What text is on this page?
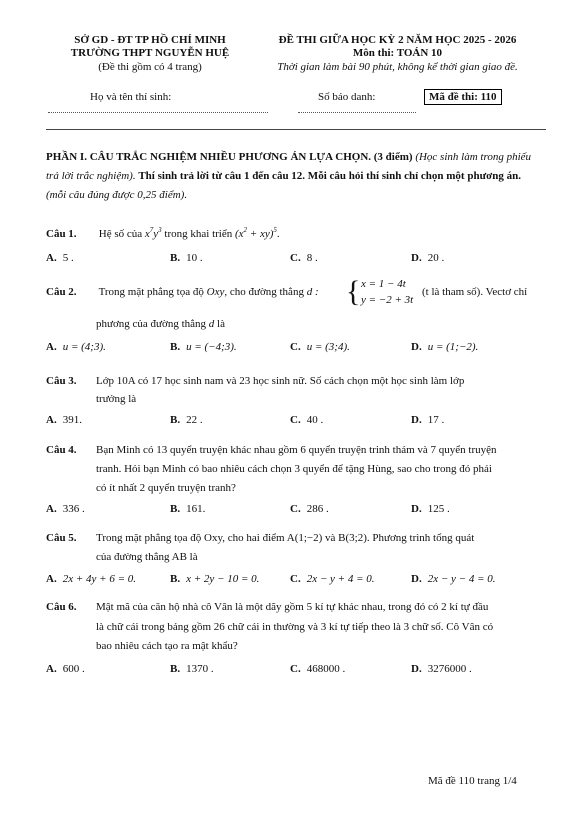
SỞ GD - ĐT TP HỒ CHÍ MINH
TRƯỜNG THPT NGUYỄN HUỆ
(Đề thi gồm có 4 trang)
ĐỀ THI GIỮA HỌC KỲ 2 NĂM HỌC 2025 - 2026
Môn thi: TOÁN 10
Thời gian làm bài 90 phút, không kể thời gian giao đề.
Họ và tên thí sinh:	Số báo danh:	Mã đề thi: 110
PHẦN I. CÂU TRẮC NGHIỆM NHIỀU PHƯƠNG ÁN LỰA CHỌN. (3 điểm) (Học sinh làm trong phiếu trả lời trắc nghiệm). Thí sinh trả lời từ câu 1 đến câu 12. Mỗi câu hỏi thí sinh chỉ chọn một phương án. (mỗi câu đúng được 0,25 điểm).
Câu 1. Hệ số của $x^7y^3$ trong khai triển $(x^2 + xy)^5$.
A. 5 .	B. 10 .	C. 8 .	D. 20 .
Câu 2. Trong mặt phẳng tọa độ Oxy, cho đường thẳng d : { x = 1 − 4t
y = −2 + 3t
(t là tham số). Vectơ chỉ
phương của đường thẳng d là
A. u = (4;3).	B. u = (−4;3).	C. u = (3;4).	D. u = (1;−2).
Câu 3. Lớp 10A có 17 học sinh nam và 23 học sinh nữ. Số cách chọn một học sinh làm lớp
trưởng là
A. 391.	B. 22 .	C. 40 .	D. 17 .
Câu 4. Bạn Minh có 13 quyển truyện khác nhau gồm 6 quyển truyện trinh thám và 7 quyển truyện
tranh. Hỏi bạn Minh có bao nhiêu cách chọn 3 quyển để tặng Hùng, sao cho trong đó phải
có ít nhất 2 quyển truyện tranh?
A. 336 .	B. 161.	C. 286 .	D. 125 .
Câu 5. Trong mặt phẳng tọa độ Oxy, cho hai điểm A(1;−2) và B(3;2). Phương trình tổng quát
của đường thẳng AB là
A. 2x + 4y + 6 = 0.	B. x + 2y − 10 = 0.	C. 2x − y + 4 = 0.	D. 2x − y − 4 = 0.
Câu 6. Mật mã của căn hộ nhà cô Vân là một dãy gồm 5 kí tự khác nhau, trong đó có 2 kí tự đầu
là chữ cái trong bảng gồm 26 chữ cái in thường và 3 kí tự tiếp theo là 3 chữ số. Cô Vân có
bao nhiêu cách tạo ra mật khẩu?
A. 600 .	B. 1370 .	C. 468000 .	D. 3276000 .
Mã đề 110 trang 1/4
